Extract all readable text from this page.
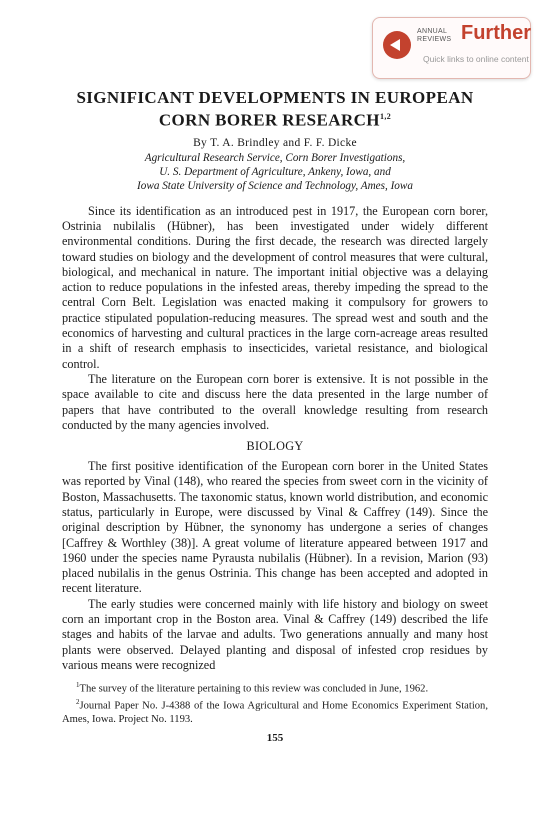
ANNUAL
REVIEWS Further
Quick links to online content
SIGNIFICANT DEVELOPMENTS IN EUROPEAN
CORN BORER RESEARCH$^{1,2}$
By T. A. Brindley and F. F. Dicke
Agricultural Research Service, Corn Borer Investigations,
U. S. Department of Agriculture, Ankeny, Iowa, and
Iowa State University of Science and Technology, Ames, Iowa

Since its identification as an introduced pest in 1917, the European corn borer, Ostrinia nubilalis (Hübner), has been investigated under widely different environmental conditions. During the first decade, the research was directed largely toward studies on biology and the development of control measures that were cultural, biological, and mechanical in nature. The important initial objective was a delaying action to reduce populations in the infested areas, thereby impeding the spread to the central Corn Belt. Legislation was enacted making it compulsory for growers to practice stipulated population-reducing measures. The spread west and south and the economics of harvesting and cultural practices in the large corn-acreage areas resulted in a shift of research emphasis to insecticides, varietal resistance, and biological control.

The literature on the European corn borer is extensive. It is not possible in the space available to cite and discuss here the data presented in the large number of papers that have contributed to the overall knowledge resulting from research conducted by the many agencies involved.

BIOLOGY

The first positive identification of the European corn borer in the United States was reported by Vinal (148), who reared the species from sweet corn in the vicinity of Boston, Massachusetts. The taxonomic status, known world distribution, and economic status, particularly in Europe, were discussed by Vinal & Caffrey (149). Since the original description by Hübner, the synonomy has undergone a series of changes [Caffrey & Worthley (38)]. A great volume of literature appeared between 1917 and 1960 under the species name Pyrausta nubilalis (Hübner). In a revision, Marion (93) placed nubilalis in the genus Ostrinia. This change has been accepted and adopted in recent literature.

The early studies were concerned mainly with life history and biology on sweet corn an important crop in the Boston area. Vinal & Caffrey (149) described the life stages and habits of the larvae and adults. Two generations annually and many host plants were observed. Delayed planting and disposal of infested crop residues by various means were recognized

$^1$The survey of the literature pertaining to this review was concluded in June, 1962.

$^2$Journal Paper No. J-4388 of the Iowa Agricultural and Home Economics Experiment Station, Ames, Iowa. Project No. 1193.

155
